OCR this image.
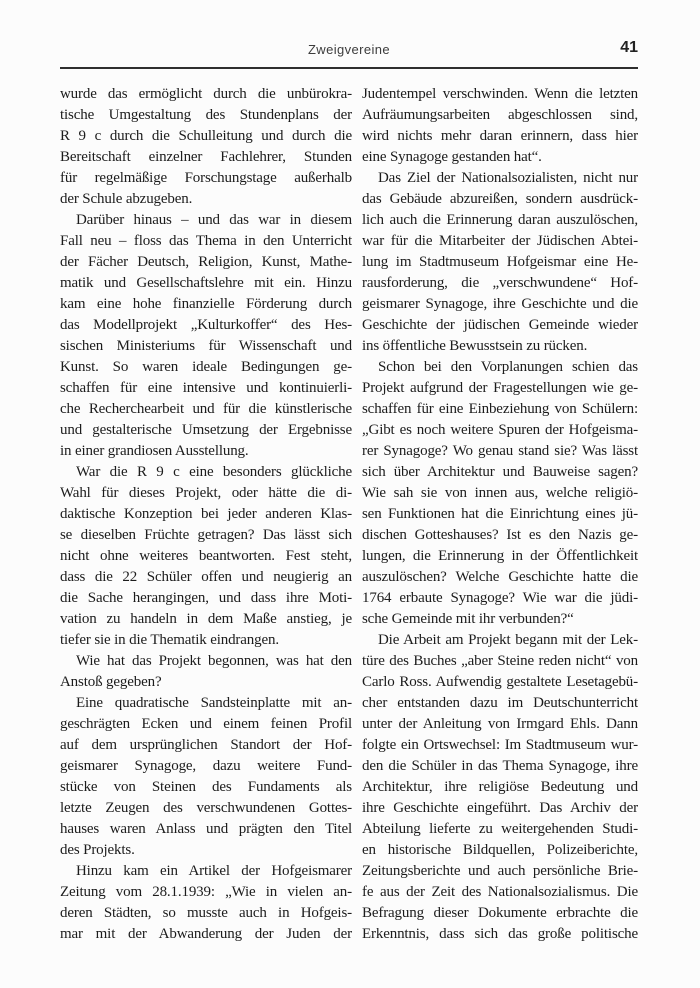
Zweigvereine	41
wurde das ermöglicht durch die unbürokra-
tische Umgestaltung des Stundenplans der
R 9 c durch die Schulleitung und durch die
Bereitschaft einzelner Fachlehrer, Stunden
für regelmäßige Forschungstage außerhalb
der Schule abzugeben.
Darüber hinaus – und das war in diesem
Fall neu – floss das Thema in den Unterricht
der Fächer Deutsch, Religion, Kunst, Mathe-
matik und Gesellschaftslehre mit ein. Hinzu
kam eine hohe finanzielle Förderung durch
das Modellprojekt „Kulturkoffer“ des Hes-
sischen Ministeriums für Wissenschaft und
Kunst. So waren ideale Bedingungen ge-
schaffen für eine intensive und kontinuierli-
che Recherchearbeit und für die künstlerische
und gestalterische Umsetzung der Ergebnisse
in einer grandiosen Ausstellung.
War die R 9 c eine besonders glückliche
Wahl für dieses Projekt, oder hätte die di-
daktische Konzeption bei jeder anderen Klas-
se dieselben Früchte getragen? Das lässt sich
nicht ohne weiteres beantworten. Fest steht,
dass die 22 Schüler offen und neugierig an
die Sache herangingen, und dass ihre Moti-
vation zu handeln in dem Maße anstieg, je
tiefer sie in die Thematik eindrangen.
Wie hat das Projekt begonnen, was hat den
Anstoß gegeben?
Eine quadratische Sandsteinplatte mit an-
geschrägten Ecken und einem feinen Profil
auf dem ursprünglichen Standort der Hof-
geismarer Synagoge, dazu weitere Fund-
stücke von Steinen des Fundaments als
letzte Zeugen des verschwundenen Gottes-
hauses waren Anlass und prägten den Titel
des Projekts.
Hinzu kam ein Artikel der Hofgeismarer
Zeitung vom 28.1.1939: „Wie in vielen an-
deren Städten, so musste auch in Hofgeis-
mar mit der Abwanderung der Juden der
Judentempel verschwinden. Wenn die letzten
Aufräumungsarbeiten abgeschlossen sind,
wird nichts mehr daran erinnern, dass hier
eine Synagoge gestanden hat“.
Das Ziel der Nationalsozialisten, nicht nur
das Gebäude abzureißen, sondern ausdrück-
lich auch die Erinnerung daran auszulöschen,
war für die Mitarbeiter der Jüdischen Abtei-
lung im Stadtmuseum Hofgeismar eine He-
rausforderung, die „verschwundene“ Hof-
geismarer Synagoge, ihre Geschichte und die
Geschichte der jüdischen Gemeinde wieder
ins öffentliche Bewusstsein zu rücken.
Schon bei den Vorplanungen schien das
Projekt aufgrund der Fragestellungen wie ge-
schaffen für eine Einbeziehung von Schülern:
„Gibt es noch weitere Spuren der Hofgeisma-
rer Synagoge? Wo genau stand sie? Was lässt
sich über Architektur und Bauweise sagen?
Wie sah sie von innen aus, welche religiö-
sen Funktionen hat die Einrichtung eines jü-
dischen Gotteshauses? Ist es den Nazis ge-
lungen, die Erinnerung in der Öffentlichkeit
auszulöschen? Welche Geschichte hatte die
1764 erbaute Synagoge? Wie war die jüdi-
sche Gemeinde mit ihr verbunden?“
Die Arbeit am Projekt begann mit der Lek-
türe des Buches „aber Steine reden nicht“ von
Carlo Ross. Aufwendig gestaltete Lesetagebü-
cher entstanden dazu im Deutschunterricht
unter der Anleitung von Irmgard Ehls. Dann
folgte ein Ortswechsel: Im Stadtmuseum wur-
den die Schüler in das Thema Synagoge, ihre
Architektur, ihre religiöse Bedeutung und
ihre Geschichte eingeführt. Das Archiv der
Abteilung lieferte zu weitergehenden Studi-
en historische Bildquellen, Polizeiberichte,
Zeitungsberichte und auch persönliche Brie-
fe aus der Zeit des Nationalsozialismus. Die
Befragung dieser Dokumente erbrachte die
Erkenntnis, dass sich das große politische
